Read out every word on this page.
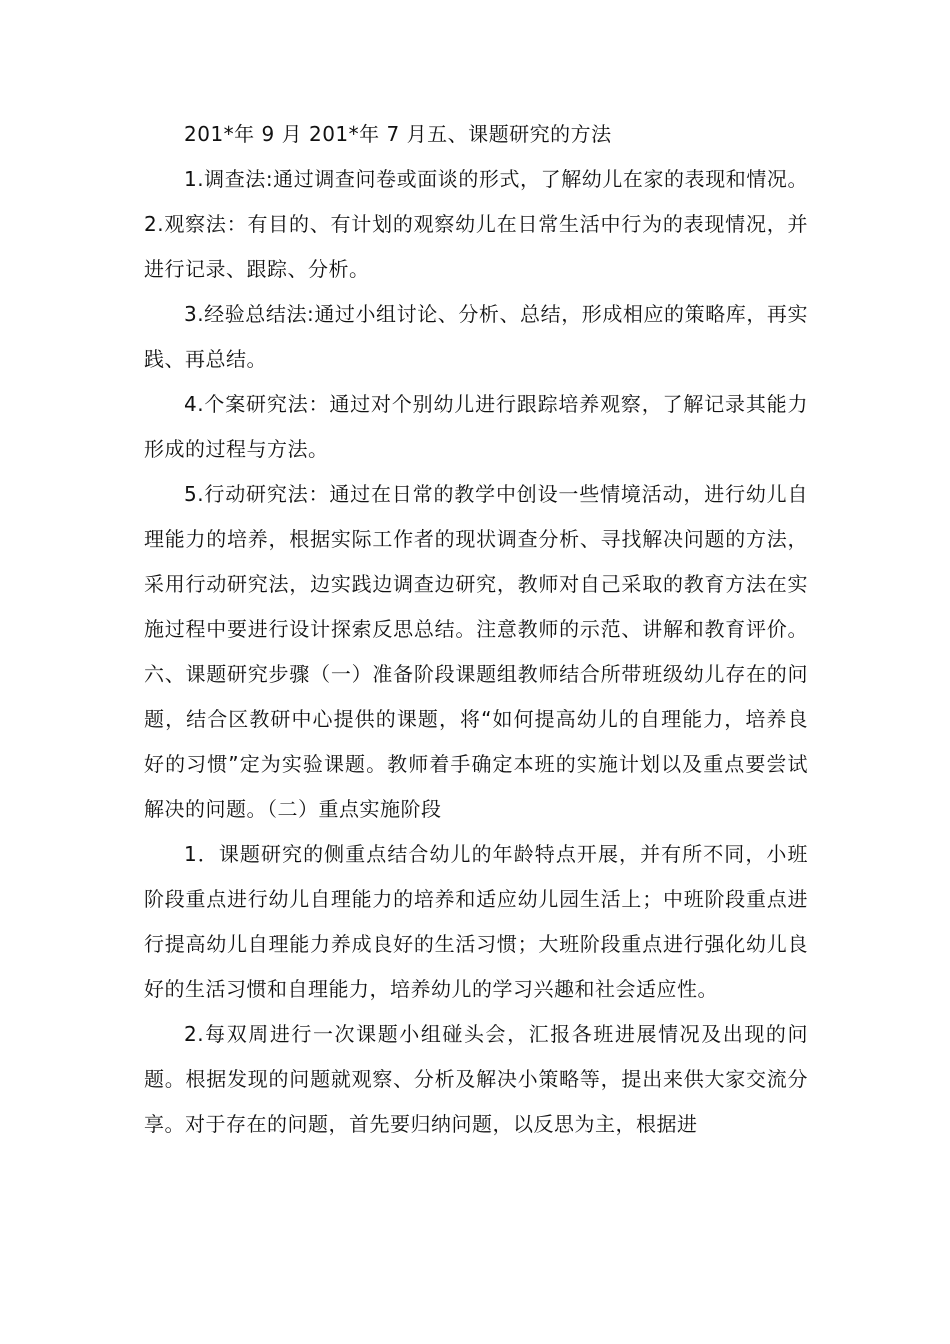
201*年 9 月 201*年 7 月五、课题研究的方法

1.调查法:通过调查问卷或面谈的形式，了解幼儿在家的表现和情况。2.观察法：有目的、有计划的观察幼儿在日常生活中行为的表现情况，并进行记录、跟踪、分析。

3.经验总结法:通过小组讨论、分析、总结，形成相应的策略库，再实践、再总结。

4.个案研究法：通过对个别幼儿进行跟踪培养观察，了解记录其能力形成的过程与方法。

5.行动研究法：通过在日常的教学中创设一些情境活动，进行幼儿自理能力的培养，根据实际工作者的现状调查分析、寻找解决问题的方法，采用行动研究法，边实践边调查边研究，教师对自己采取的教育方法在实施过程中要进行设计探索反思总结。注意教师的示范、讲解和教育评价。六、课题研究步骤（一）准备阶段课题组教师结合所带班级幼儿存在的问题，结合区教研中心提供的课题，将“如何提高幼儿的自理能力，培养良好的习惯”定为实验课题。教师着手确定本班的实施计划以及重点要尝试解决的问题。（二）重点实施阶段

1．课题研究的侧重点结合幼儿的年龄特点开展，并有所不同，小班阶段重点进行幼儿自理能力的培养和适应幼儿园生活上；中班阶段重点进行提高幼儿自理能力养成良好的生活习惯；大班阶段重点进行强化幼儿良好的生活习惯和自理能力，培养幼儿的学习兴趣和社会适应性。

2.每双周进行一次课题小组碰头会，汇报各班进展情况及出现的问题。根据发现的问题就观察、分析及解决小策略等，提出来供大家交流分享。对于存在的问题，首先要归纳问题，以反思为主，根据进
